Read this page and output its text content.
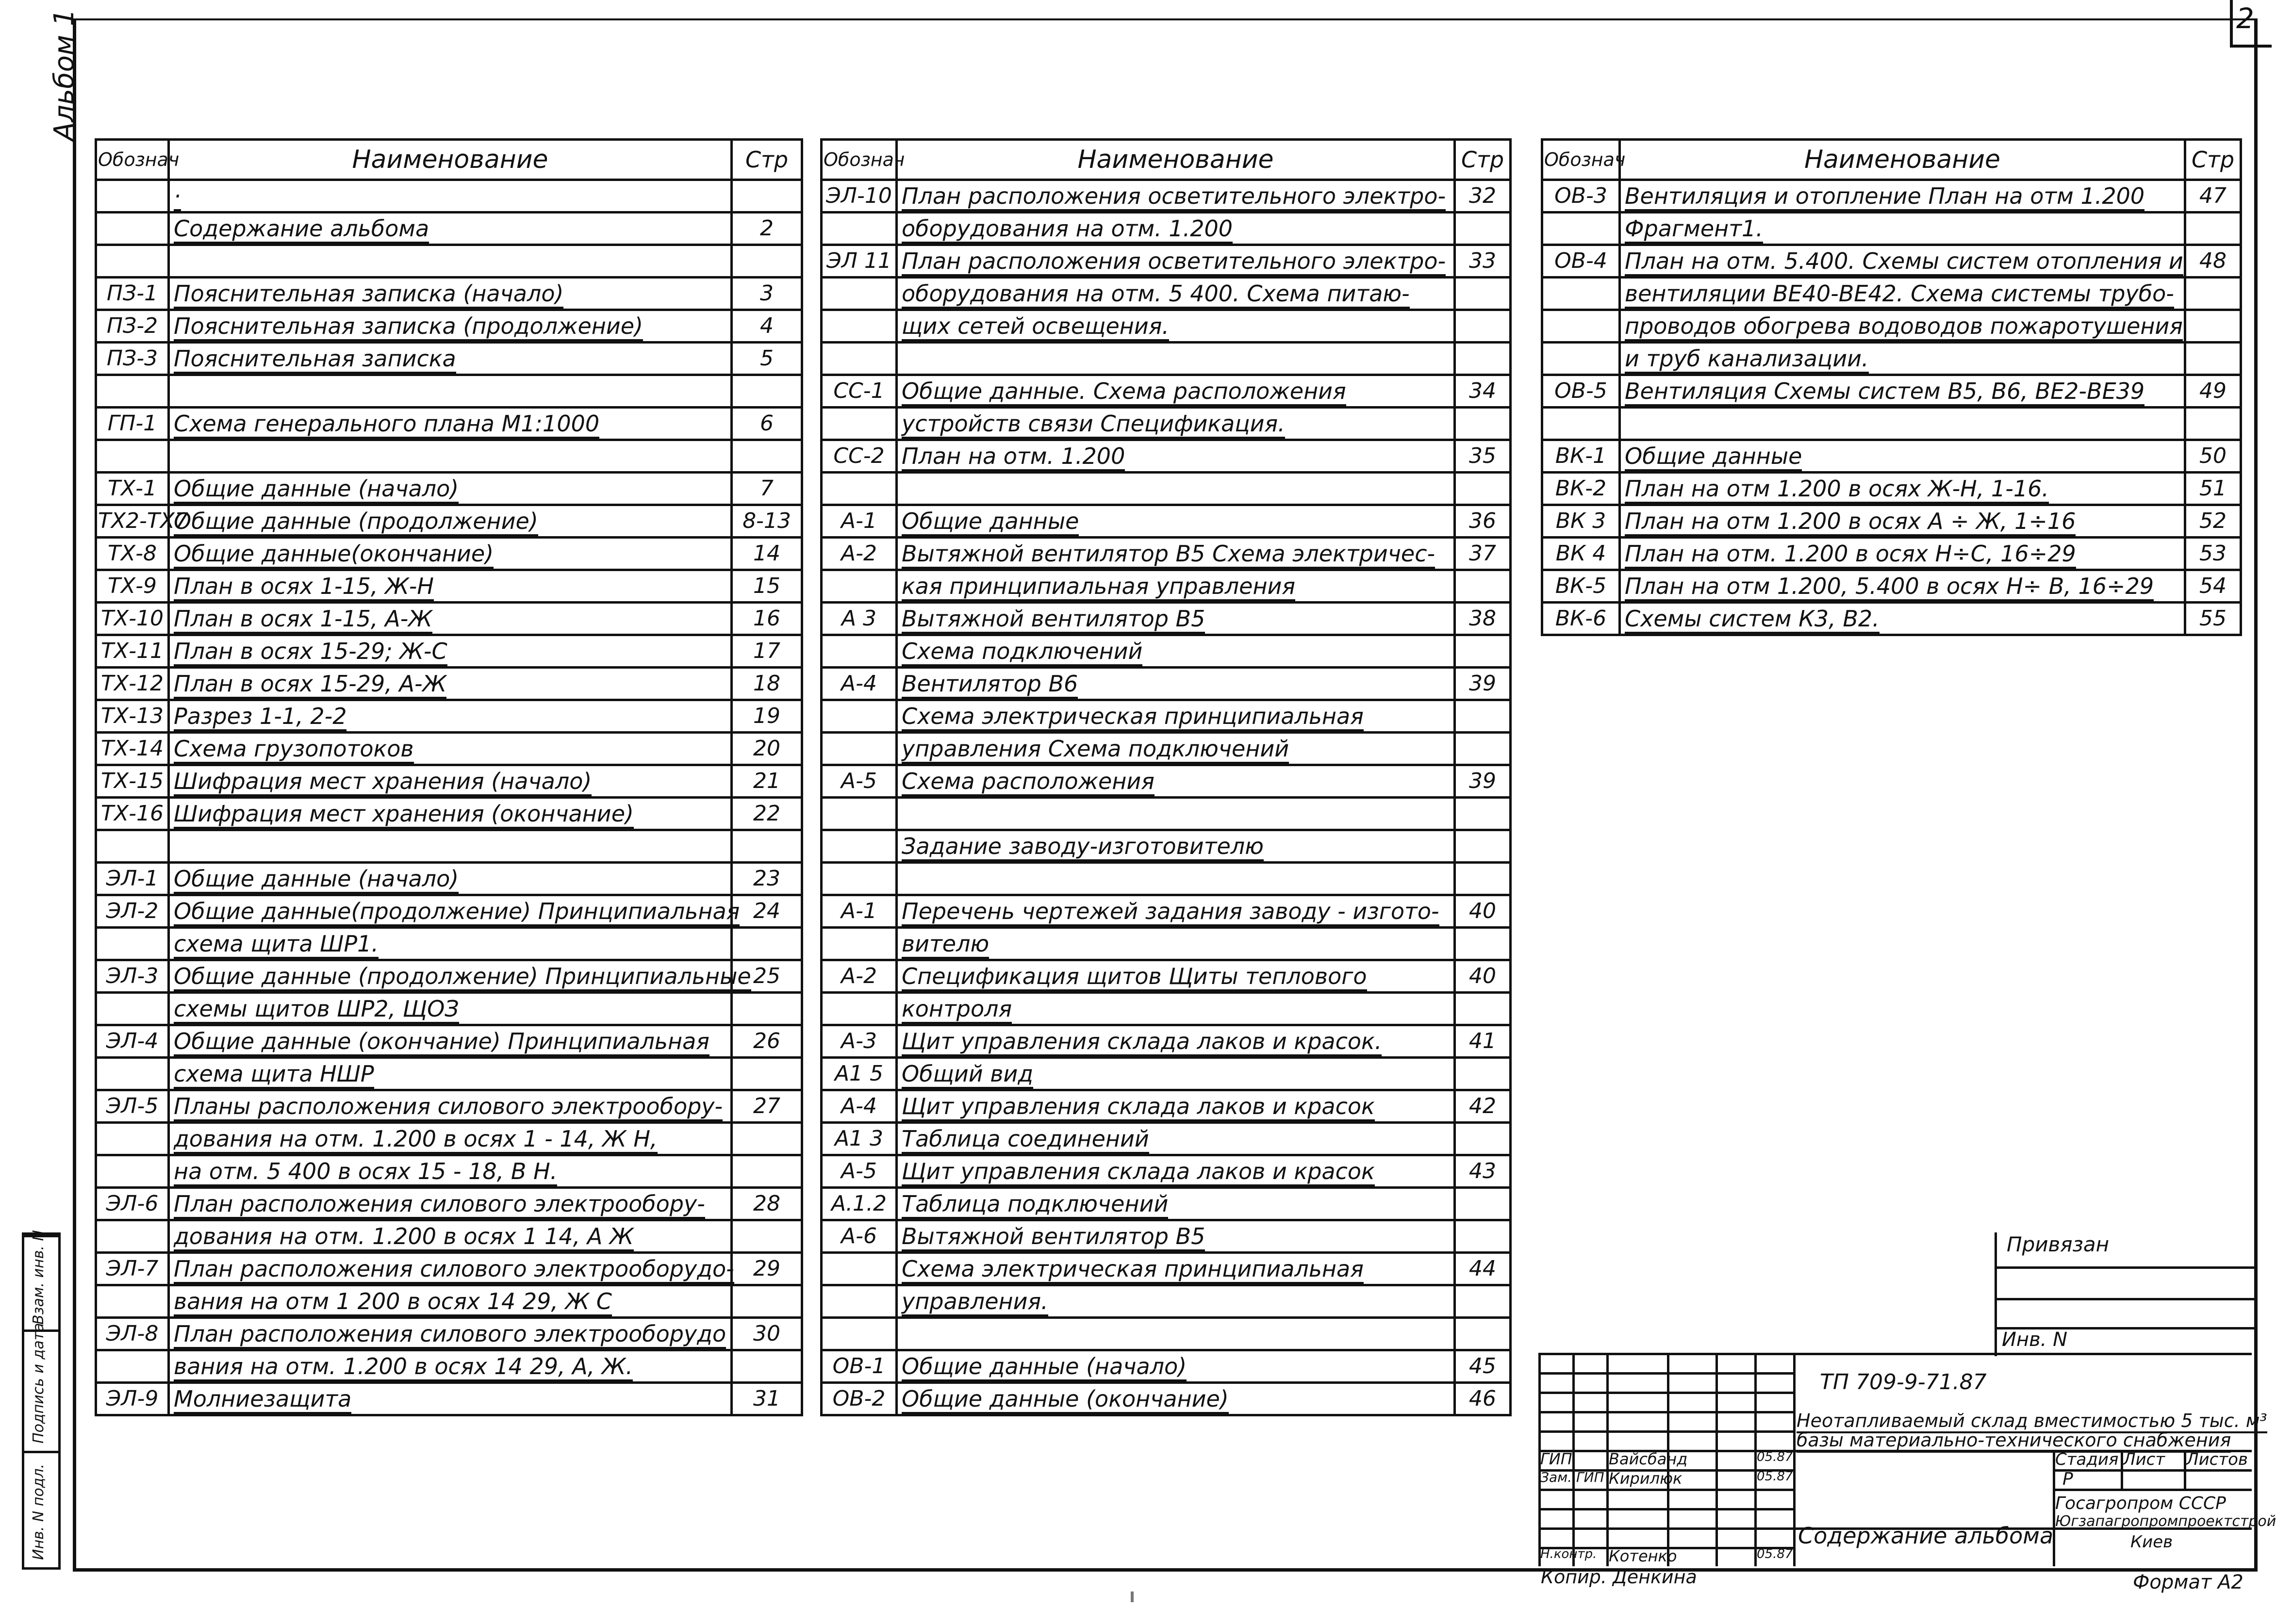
2
Альбом 1
Обознач	Наименование	Стр
	·	
	Содержание альбома	2

ПЗ-1	Пояснительная записка (начало)	3
ПЗ-2	Пояснительная записка (продолжение)	4
ПЗ-3	Пояснительная записка	5

ГП-1	Схема генерального плана М1:1000	6

ТХ-1	Общие данные (начало)	7
ТХ2-ТХ7	Общие данные (продолжение)	8-13
ТХ-8	Общие данные(окончание)	14
ТХ-9	План в осях 1-15, Ж-Н	15
ТХ-10	План в осях 1-15, А-Ж	16
ТХ-11	План в осях 15-29; Ж-С	17
ТХ-12	План в осях 15-29, А-Ж	18
ТХ-13	Разрез 1-1, 2-2	19
ТХ-14	Схема грузопотоков	20
ТХ-15	Шифрация мест хранения (начало)	21
ТХ-16	Шифрация мест хранения (окончание)	22

ЭЛ-1	Общие данные (начало)	23
ЭЛ-2	Общие данные(продолжение) Принципиальная	24
	схема щита ШР1.	
ЭЛ-3	Общие данные (продолжение) Принципиальные	25
	схемы щитов ШР2, ЩОЗ	
ЭЛ-4	Общие данные (окончание) Принципиальная	26
	схема щита НШР	
ЭЛ-5	Планы расположения силового электрообору-	27
	дования на отм. 1.200 в осях 1 - 14, Ж Н,	
	на отм. 5 400 в осях 15 - 18, В Н.	
ЭЛ-6	План расположения силового электрообору-	28
	дования на отм. 1.200 в осях 1 14, А Ж	
ЭЛ-7	План расположения силового электрооборудо-	29
	вания на отм 1 200 в осях 14 29, Ж С	
ЭЛ-8	План расположения силового электрооборудо	30
	вания на отм. 1.200 в осях 14 29, А, Ж.	
ЭЛ-9	Молниезащита	31
Обознач	Наименование	Стр
ЭЛ-10	План расположения осветительного электро-	32
	оборудования на отм. 1.200	
ЭЛ 11	План расположения осветительного электро-	33
	оборудования на отм. 5 400. Схема питаю-	
	щих сетей освещения.	

СС-1	Общие данные. Схема расположения	34
	устройств связи Спецификация.	
СС-2	План на отм. 1.200	35

А-1	Общие данные	36
А-2	Вытяжной вентилятор В5 Схема электричес-	37
	кая принципиальная управления	
А 3	Вытяжной вентилятор В5	38
	Схема подключений	
А-4	Вентилятор В6	39
	Схема электрическая принципиальная	
	управления Схема подключений	
А-5	Схема расположения	39

	Задание заводу-изготовителю	

А-1	Перечень чертежей задания заводу - изгото-	40
	вителю	
А-2	Спецификация щитов Щиты теплового	40
	контроля	
А-3	Щит управления склада лаков и красок.	41
А1 5	Общий вид	
А-4	Щит управления склада лаков и красок	42
А1 3	Таблица соединений	
А-5	Щит управления склада лаков и красок	43
А.1.2	Таблица подключений	
А-6	Вытяжной вентилятор В5	
	Схема электрическая принципиальная	44
	управления.	

ОВ-1	Общие данные (начало)	45
ОВ-2	Общие данные (окончание)	46
Обознач	Наименование	Стр
ОВ-3	Вентиляция и отопление План на отм 1.200	47
	Фрагмент1.	
ОВ-4	План на отм. 5.400. Схемы систем отопления и	48
	вентиляции ВЕ40-ВЕ42. Схема системы трубо-	
	проводов обогрева водоводов пожаротушения	
	и труб канализации.	
ОВ-5	Вентиляция Схемы систем В5, В6, ВЕ2-ВЕ39	49

ВК-1	Общие данные	50
ВК-2	План на отм 1.200 в осях Ж-Н, 1-16.	51
ВК 3	План на отм 1.200 в осях А ÷ Ж, 1÷16	52
ВК 4	План на отм. 1.200 в осях Н÷С, 16÷29	53
ВК-5	План на отм 1.200, 5.400 в осях Н÷ В, 16÷29	54
ВК-6	Схемы систем К3, В2.	55
Взам. инв. N
Подпись и дата
Инв. N подл.
Привязан
Инв. N
ТП 709-9-71.87
Неотапливаемый склад вместимостью 5 тыс. м³
базы материально-технического снабжения
Стадия Лист Листов
Р
Содержание альбома
Госагропром СССР
Югзапагропромпроектстрой
Киев
ГИП Вайсбанд	05.87
Зам. ГИП Кирилюк	05.87
Н.контр. Котенко	05.87
Копир. Денкина	Формат А2
